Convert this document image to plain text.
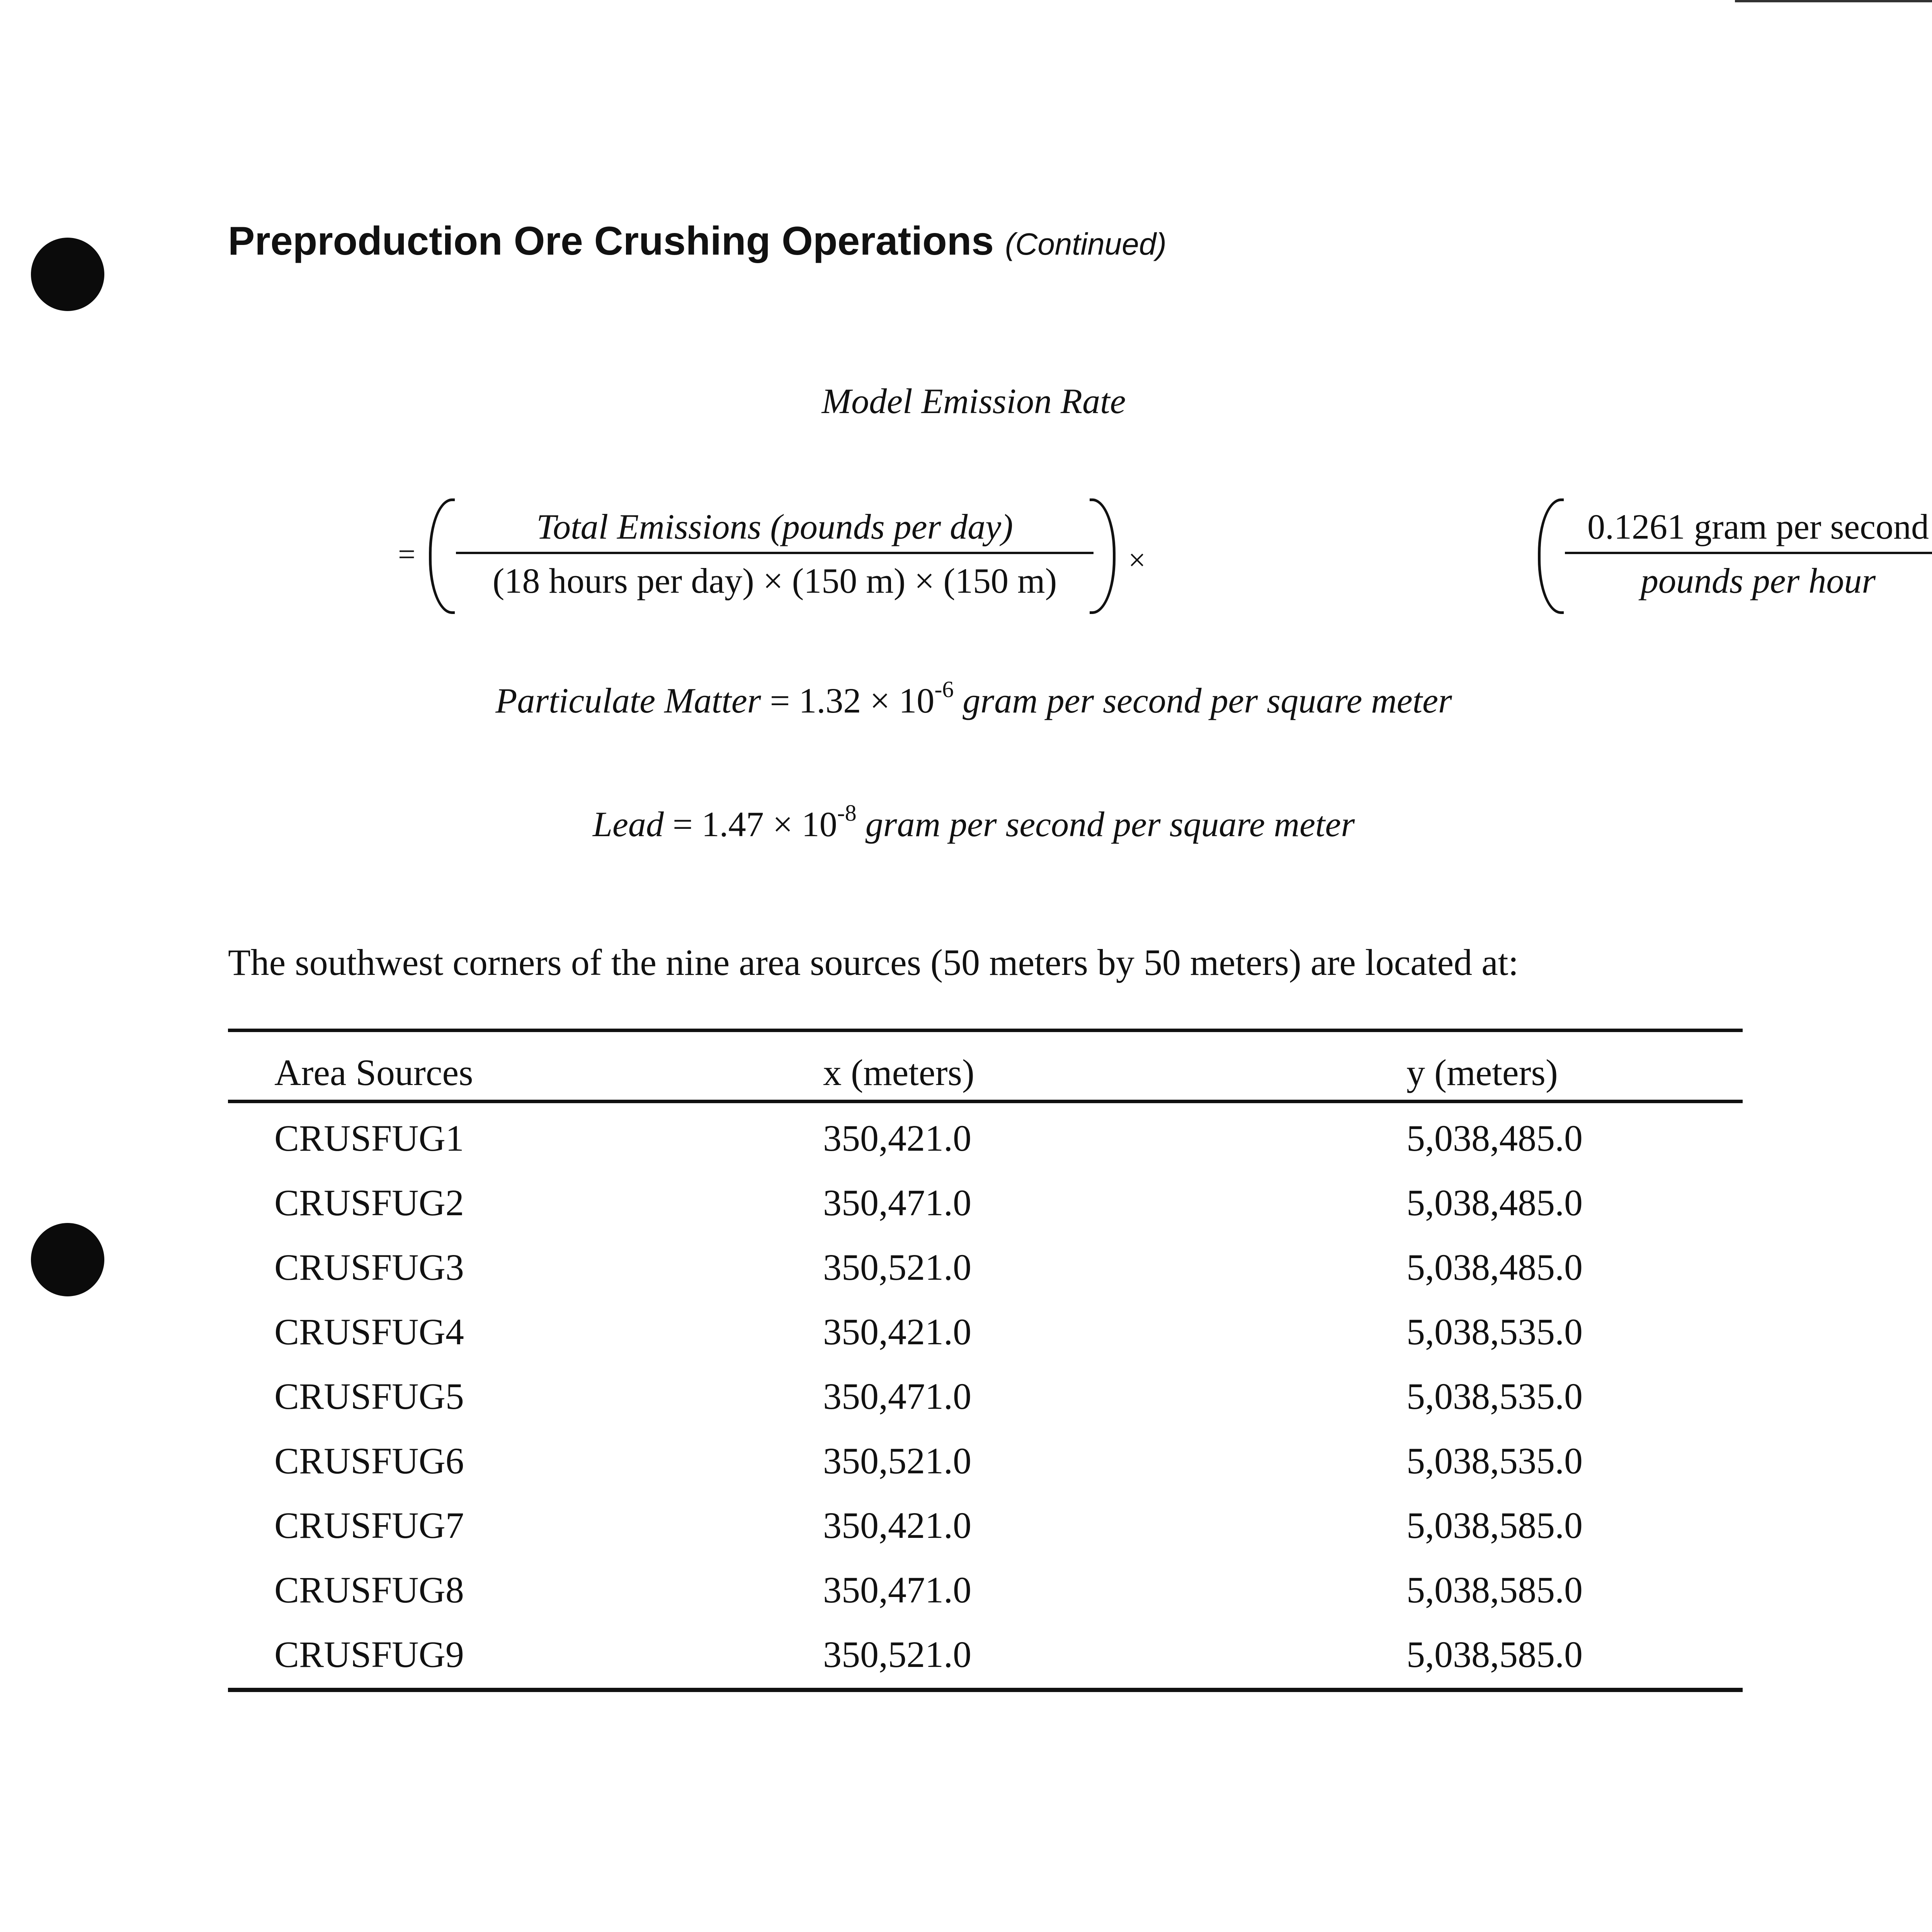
Preproduction Ore Crushing Operations (Continued)
Model Emission Rate
=
Total Emissions (pounds per day)
(18 hours per day) × (150 m) × (150 m)
×
0.1261 gram per second
pounds per hour
Particulate Matter = $1.32 \times 10^{-6}$ gram per second per square meter
Lead = $1.47 \times 10^{-8}$ gram per second per square meter
The southwest corners of the nine area sources (50 meters by 50 meters) are located at:
Area Sources	x (meters)	y (meters)
CRUSFUG1	350,421.0	5,038,485.0
CRUSFUG2	350,471.0	5,038,485.0
CRUSFUG3	350,521.0	5,038,485.0
CRUSFUG4	350,421.0	5,038,535.0
CRUSFUG5	350,471.0	5,038,535.0
CRUSFUG6	350,521.0	5,038,535.0
CRUSFUG7	350,421.0	5,038,585.0
CRUSFUG8	350,471.0	5,038,585.0
CRUSFUG9	350,521.0	5,038,585.0
